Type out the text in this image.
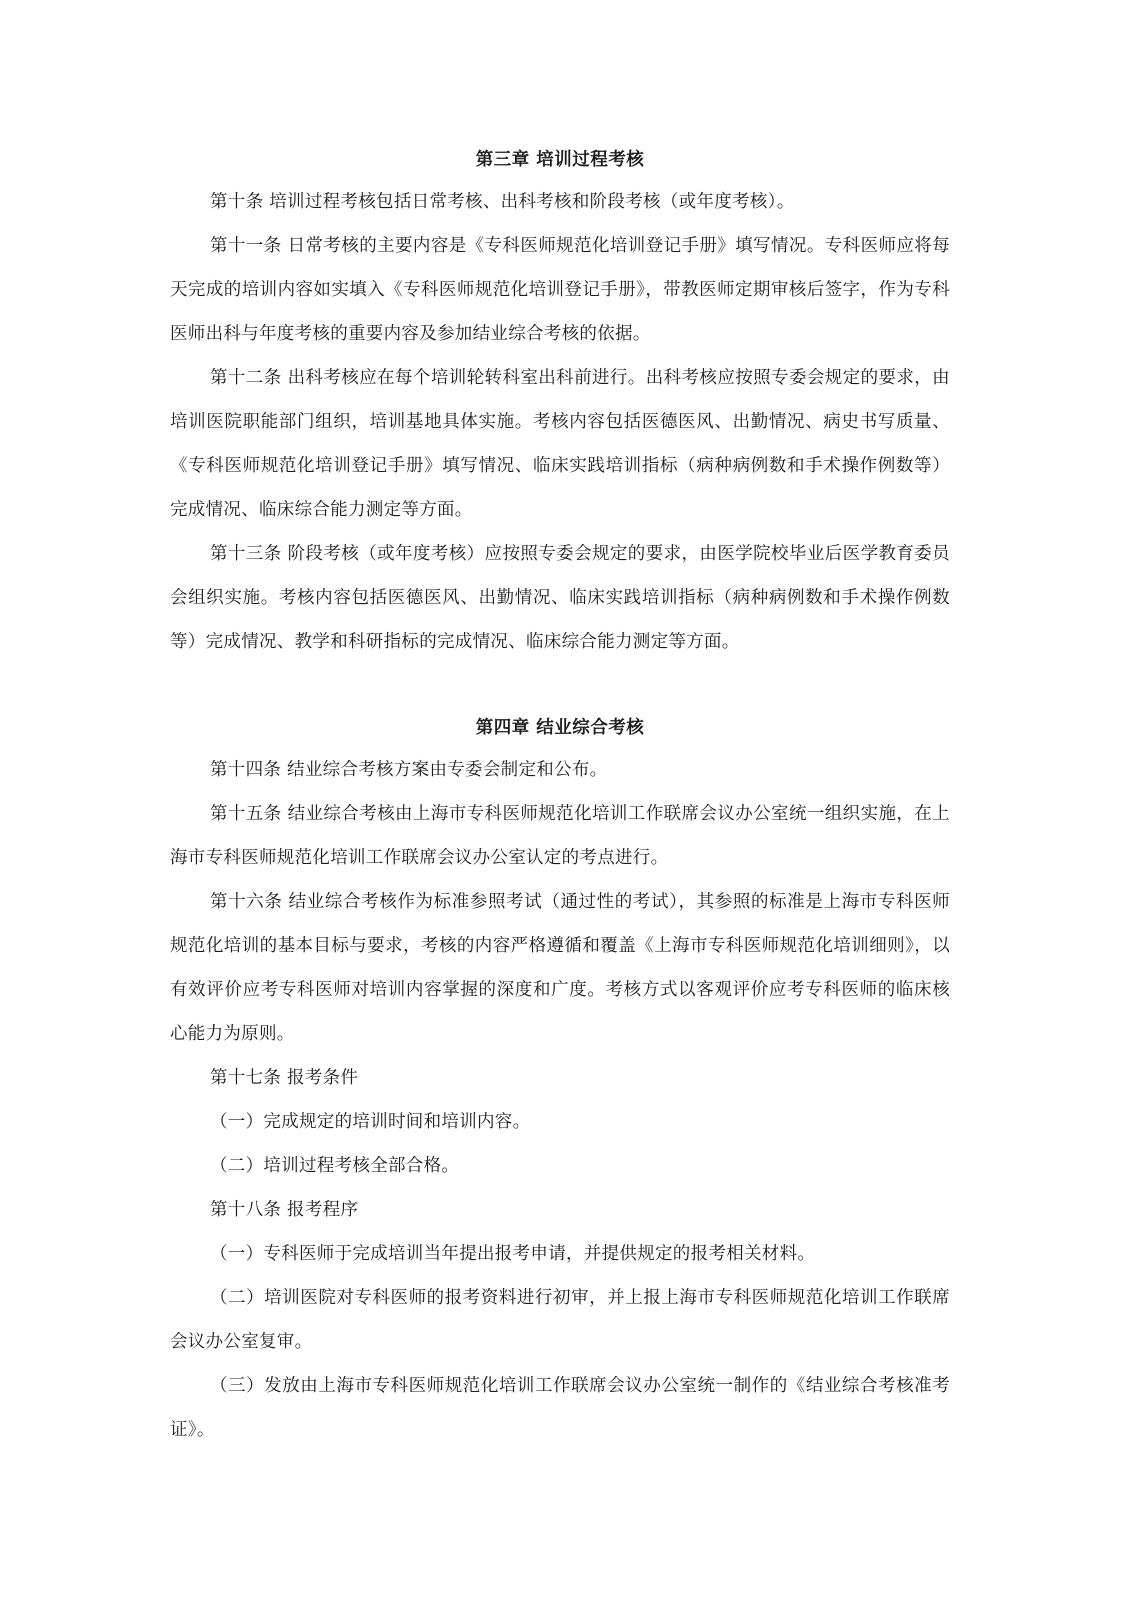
第三章 培训过程考核

第十条 培训过程考核包括日常考核、出科考核和阶段考核（或年度考核）。

第十一条 日常考核的主要内容是《专科医师规范化培训登记手册》填写情况。专科医师应将每天完成的培训内容如实填入《专科医师规范化培训登记手册》，带教医师定期审核后签字，作为专科医师出科与年度考核的重要内容及参加结业综合考核的依据。

第十二条 出科考核应在每个培训轮转科室出科前进行。出科考核应按照专委会规定的要求，由培训医院职能部门组织，培训基地具体实施。考核内容包括医德医风、出勤情况、病史书写质量、《专科医师规范化培训登记手册》填写情况、临床实践培训指标（病种病例数和手术操作例数等）完成情况、临床综合能力测定等方面。

第十三条 阶段考核（或年度考核）应按照专委会规定的要求，由医学院校毕业后医学教育委员会组织实施。考核内容包括医德医风、出勤情况、临床实践培训指标（病种病例数和手术操作例数等）完成情况、教学和科研指标的完成情况、临床综合能力测定等方面。

第四章 结业综合考核

第十四条 结业综合考核方案由专委会制定和公布。

第十五条 结业综合考核由上海市专科医师规范化培训工作联席会议办公室统一组织实施，在上海市专科医师规范化培训工作联席会议办公室认定的考点进行。

第十六条 结业综合考核作为标准参照考试（通过性的考试），其参照的标准是上海市专科医师规范化培训的基本目标与要求，考核的内容严格遵循和覆盖《上海市专科医师规范化培训细则》，以有效评价应考专科医师对培训内容掌握的深度和广度。考核方式以客观评价应考专科医师的临床核心能力为原则。

第十七条 报考条件

（一）完成规定的培训时间和培训内容。

（二）培训过程考核全部合格。

第十八条 报考程序

（一）专科医师于完成培训当年提出报考申请，并提供规定的报考相关材料。

（二）培训医院对专科医师的报考资料进行初审，并上报上海市专科医师规范化培训工作联席会议办公室复审。

（三）发放由上海市专科医师规范化培训工作联席会议办公室统一制作的《结业综合考核准考证》。
